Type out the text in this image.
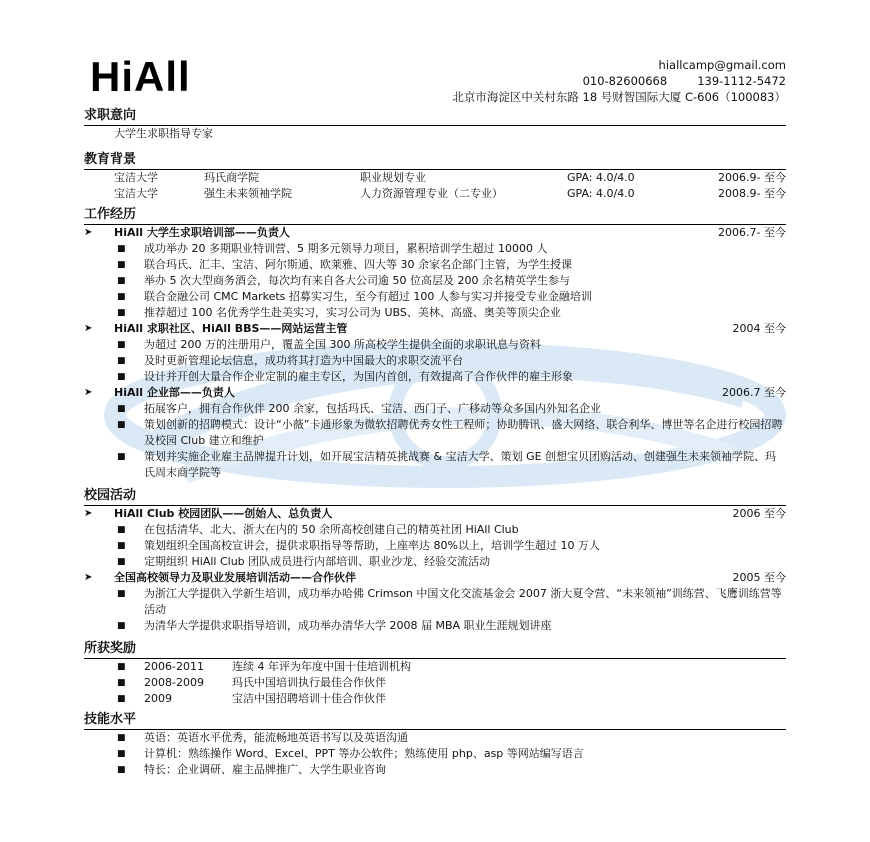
HiAll	hiallcamp@gmail.com
010-82600668	139-1112-5472
北京市海淀区中关村东路 18 号财智国际大厦 C-606（100083）
求职意向
大学生求职指导专家
教育背景
宝洁大学	玛氏商学院	职业规划专业	GPA: 4.0/4.0	2006.9- 至今
宝洁大学	强生未来领袖学院	人力资源管理专业（二专业）	GPA: 4.0/4.0	2008.9- 至今
工作经历
➤ HiAll 大学生求职培训部——负责人	2006.7- 至今
■ 成功举办 20 多期职业特训营、5 期多元领导力项目，累积培训学生超过 10000 人
■ 联合玛氏、汇丰、宝洁、阿尔斯通、欧莱雅、四大等 30 余家名企部门主管，为学生授课
■ 举办 5 次大型商务酒会，每次均有来自各大公司逾 50 位高层及 200 余名精英学生参与
■ 联合金融公司 CMC Markets 招募实习生，至今有超过 100 人参与实习并接受专业金融培训
■ 推荐超过 100 名优秀学生赴美实习，实习公司为 UBS、美林、高盛、奥美等顶尖企业
➤ HiAll 求职社区、HiAll BBS——网站运营主管	2004 至今
■ 为超过 200 万的注册用户，覆盖全国 300 所高校学生提供全面的求职讯息与资料
■ 及时更新管理论坛信息，成功将其打造为中国最大的求职交流平台
■ 设计并开创大量合作企业定制的雇主专区，为国内首创，有效提高了合作伙伴的雇主形象
➤ HiAll 企业部——负责人	2006.7 至今
■ 拓展客户，拥有合作伙伴 200 余家，包括玛氏、宝洁、西门子、广移动等众多国内外知名企业
■ 策划创新的招聘模式：设计“小薇”卡通形象为微软招聘优秀女性工程师；协助腾讯、盛大网络、联合利华、博世等名企进行校园招聘及校园 Club 建立和维护
■ 策划并实施企业雇主品牌提升计划，如开展宝洁精英挑战赛 & 宝洁大学、策划 GE 创想宝贝团购活动、创建强生未来领袖学院、玛氏周末商学院等
校园活动
➤ HiAll Club 校园团队——创始人、总负责人	2006 至今
■ 在包括清华、北大、浙大在内的 50 余所高校创建自己的精英社团 HiAll Club
■ 策划组织全国高校宣讲会，提供求职指导等帮助，上座率达 80%以上，培训学生超过 10 万人
■ 定期组织 HiAll Club 团队成员进行内部培训、职业沙龙、经验交流活动
➤ 全国高校领导力及职业发展培训活动——合作伙伴	2005 至今
■ 为浙江大学提供入学新生培训，成功举办哈佛 Crimson 中国文化交流基金会 2007 浙大夏令营、“未来领袖”训练营、飞鹰训练营等活动
■ 为清华大学提供求职指导培训，成功举办清华大学 2008 届 MBA 职业生涯规划讲座
所获奖励
■ 2006-2011	连续 4 年评为年度中国十佳培训机构
■ 2008-2009	玛氏中国培训执行最佳合作伙伴
■ 2009	宝洁中国招聘培训十佳合作伙伴
技能水平
■ 英语：英语水平优秀，能流畅地英语书写以及英语沟通
■ 计算机：熟练操作 Word、Excel、PPT 等办公软件；熟练使用 php、asp 等网站编写语言
■ 特长：企业调研、雇主品牌推广、大学生职业咨询
